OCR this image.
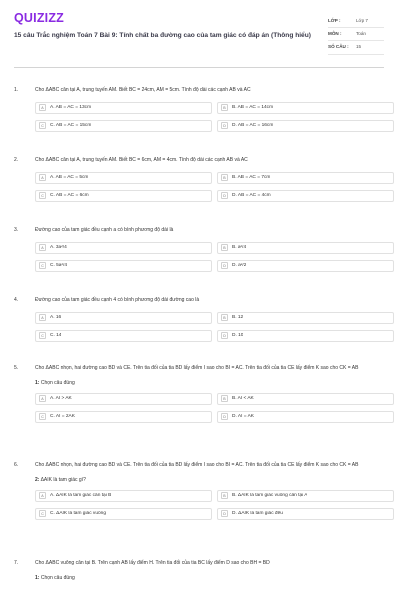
QUIZIZZ
15 câu Trắc nghiệm Toán 7 Bài 9: Tính chất ba đường cao của tam giác có đáp án (Thông hiểu)
LỚP :	Lớp 7
MÔN :	Toán
SỐ CÂU :	15
1.	Cho ΔABC cân tại A, trung tuyến AM. Biết BC = 24cm, AM = 5cm. Tính độ dài các cạnh AB và AC
A	A. AB = AC = 13cm	B	B. AB = AC = 14cm
C	C. AB = AC = 15cm	D	D. AB = AC = 16cm
2.	Cho ΔABC cân tại A, trung tuyến AM. Biết BC = 6cm, AM = 4cm. Tính độ dài các cạnh AB và AC
A	A. AB = AC = 5cm	B	B. AB = AC = 7cm
C	C. AB = AC = 6cm	D	D. AB = AC = 4cm
3.	Đường cao của tam giác đều cạnh a có bình phương độ dài là
A	A. 3a²/4	B	B. a²/4
C	C. 5a²/4	D	D. a²/2
4.	Đường cao của tam giác đều cạnh 4 có bình phương độ dài đường cao là
A	A. 16	B	B. 12
C	C. 14	D	D. 10
5.	Cho ΔABC nhọn, hai đường cao BD và CE. Trên tia đối của tia BD lấy điểm I sao cho BI = AC. Trên tia đối của tia CE lấy điểm K sao cho CK = AB
1: Chọn câu đúng
A	A. AI > AK	B	B. AI < AK
C	C. AI = 2AK	D	D. AI = AK
6.	Cho ΔABC nhọn, hai đường cao BD và CE. Trên tia đối của tia BD lấy điểm I sao cho BI = AC. Trên tia đối của tia CE lấy điểm K sao cho CK = AB
2: ΔAIK là tam giác gì?
A	A. ΔAIK là tam giác cân tại B	B	B. ΔAIK là tam giác vuông cân tại A
C	C. ΔAIK là tam giác vuông	D	D. ΔAIK là tam giác đều
7.	Cho ΔABC vuông cân tại B. Trên cạnh AB lấy điểm H. Trên tia đối của tia BC lấy điểm D sao cho BH = BD
1: Chọn câu đúng
